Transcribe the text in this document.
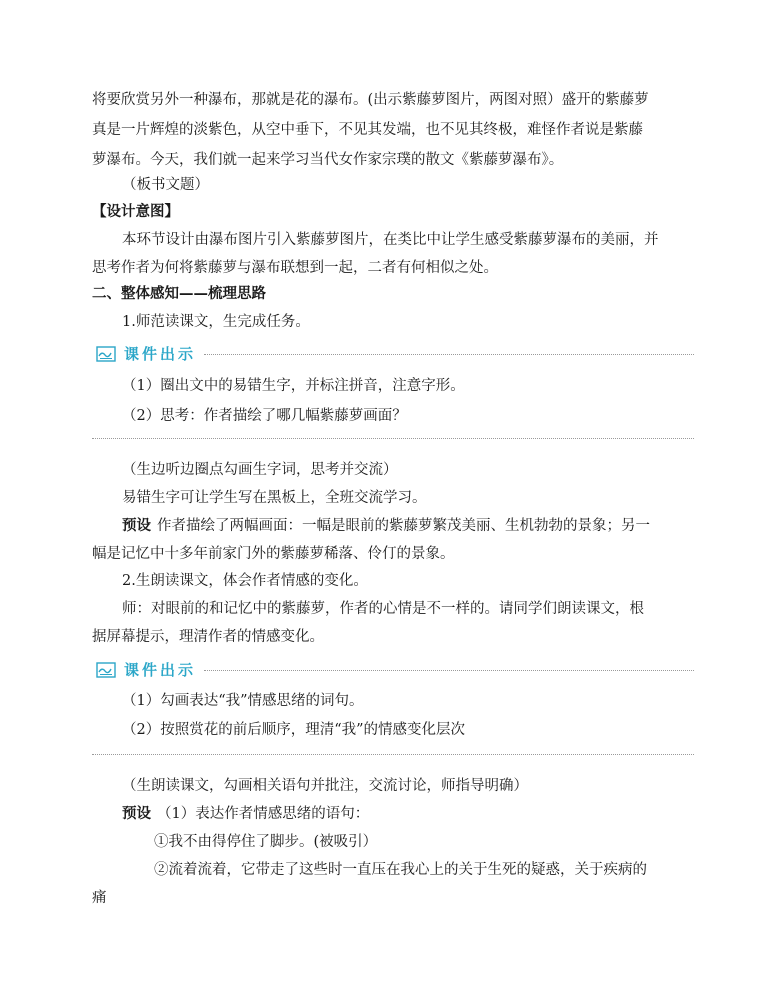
将要欣赏另外一种瀑布，那就是花的瀑布。(出示紫藤萝图片，两图对照）盛开的紫藤萝
真是一片辉煌的淡紫色，从空中垂下，不见其发端，也不见其终极，难怪作者说是紫藤
萝瀑布。今天，我们就一起来学习当代女作家宗璞的散文《紫藤萝瀑布》。
（板书文题）
【设计意图】
本环节设计由瀑布图片引入紫藤萝图片，在类比中让学生感受紫藤萝瀑布的美丽，并
思考作者为何将紫藤萝与瀑布联想到一起，二者有何相似之处。
二、整体感知——梳理思路
1.师范读课文，生完成任务。
课件出示
（1）圈出文中的易错生字，并标注拼音，注意字形。
（2）思考：作者描绘了哪几幅紫藤萝画面？
（生边听边圈点勾画生字词，思考并交流）
易错生字可让学生写在黑板上，全班交流学习。
预设 作者描绘了两幅画面：一幅是眼前的紫藤萝繁茂美丽、生机勃勃的景象；另一
幅是记忆中十多年前家门外的紫藤萝稀落、伶仃的景象。
2.生朗读课文，体会作者情感的变化。
师：对眼前的和记忆中的紫藤萝，作者的心情是不一样的。请同学们朗读课文，根
据屏幕提示，理清作者的情感变化。
课件出示
（1）勾画表达“我”情感思绪的词句。
（2）按照赏花的前后顺序，理清“我”的情感变化层次
（生朗读课文，勾画相关语句并批注，交流讨论，师指导明确）
预设 （1）表达作者情感思绪的语句：
①我不由得停住了脚步。(被吸引）
②流着流着，它带走了这些时一直压在我心上的关于生死的疑惑，关于疾病的
痛
